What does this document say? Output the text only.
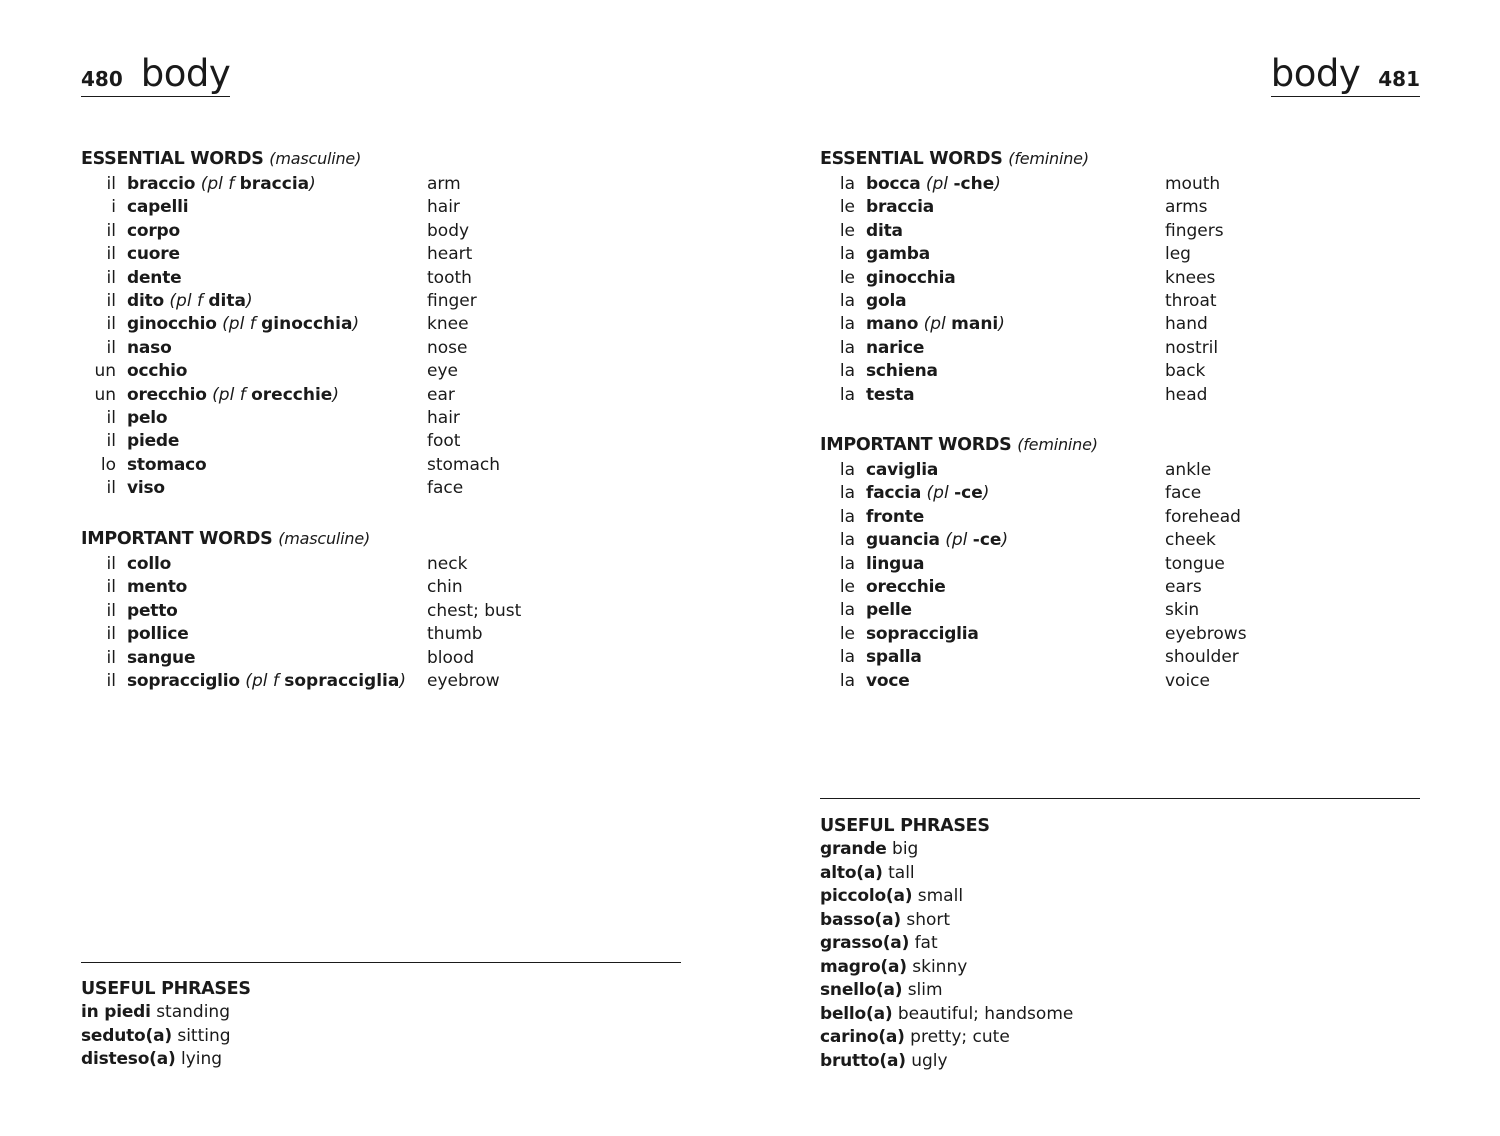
480 body
ESSENTIAL WORDS (masculine)
il braccio (pl f braccia)	arm
i capelli	hair
il corpo	body
il cuore	heart
il dente	tooth
il dito (pl f dita)	finger
il ginocchio (pl f ginocchia)	knee
il naso	nose
un occhio	eye
un orecchio (pl f orecchie)	ear
il pelo	hair
il piede	foot
lo stomaco	stomach
il viso	face
IMPORTANT WORDS (masculine)
il collo	neck
il mento	chin
il petto	chest; bust
il pollice	thumb
il sangue	blood
il sopracciglio (pl f sopracciglia) eyebrow
USEFUL PHRASES
in piedi standing
seduto(a) sitting
disteso(a) lying
body 481
ESSENTIAL WORDS (feminine)
la bocca (pl -che)	mouth
le braccia	arms
le dita	fingers
la gamba	leg
le ginocchia	knees
la gola	throat
la mano (pl mani)	hand
la narice	nostril
la schiena	back
la testa	head
IMPORTANT WORDS (feminine)
la caviglia	ankle
la faccia (pl -ce)	face
la fronte	forehead
la guancia (pl -ce)	cheek
la lingua	tongue
le orecchie	ears
la pelle	skin
le sopracciglia	eyebrows
la spalla	shoulder
la voce	voice
USEFUL PHRASES
grande big
alto(a) tall
piccolo(a) small
basso(a) short
grasso(a) fat
magro(a) skinny
snello(a) slim
bello(a) beautiful; handsome
carino(a) pretty; cute
brutto(a) ugly
